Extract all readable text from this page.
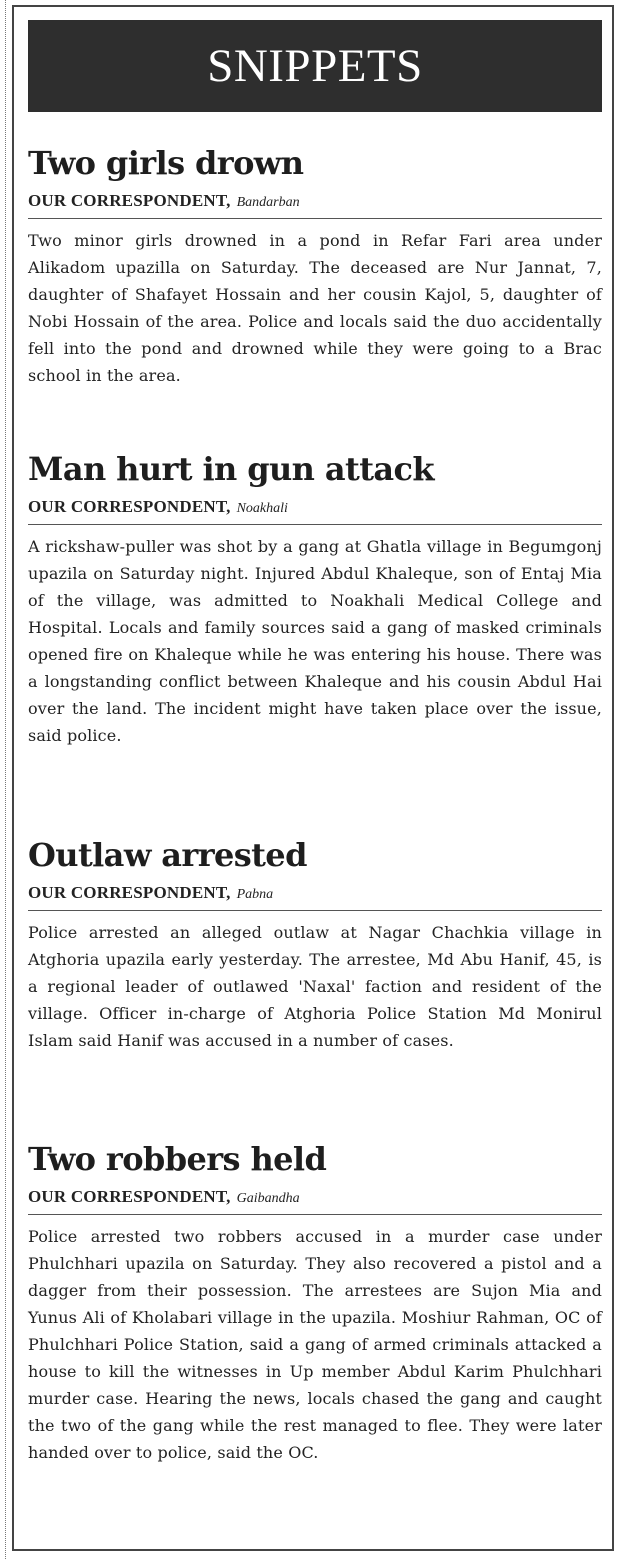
SNIPPETS
Two girls drown
OUR CORRESPONDENT, Bandarban
Two minor girls drowned in a pond in Refar Fari area under Alikadom upazilla on Saturday. The deceased are Nur Jannat, 7, daughter of Shafayet Hossain and her cousin Kajol, 5, daughter of Nobi Hossain of the area. Police and locals said the duo accidentally fell into the pond and drowned while they were going to a Brac school in the area.
Man hurt in gun attack
OUR CORRESPONDENT, Noakhali
A rickshaw-puller was shot by a gang at Ghatla village in Begumgonj upazila on Saturday night. Injured Abdul Khaleque, son of Entaj Mia of the village, was admitted to Noakhali Medical College and Hospital. Locals and family sources said a gang of masked criminals opened fire on Khaleque while he was entering his house. There was a longstanding conflict between Khaleque and his cousin Abdul Hai over the land. The incident might have taken place over the issue, said police.
Outlaw arrested
OUR CORRESPONDENT, Pabna
Police arrested an alleged outlaw at Nagar Chachkia village in Atghoria upazila early yesterday. The arrestee, Md Abu Hanif, 45, is a regional leader of outlawed 'Naxal' faction and resident of the village. Officer in-charge of Atghoria Police Station Md Monirul Islam said Hanif was accused in a number of cases.
Two robbers held
OUR CORRESPONDENT, Gaibandha
Police arrested two robbers accused in a murder case under Phulchhari upazila on Saturday. They also recovered a pistol and a dagger from their possession. The arrestees are Sujon Mia and Yunus Ali of Kholabari village in the upazila. Moshiur Rahman, OC of Phulchhari Police Station, said a gang of armed criminals attacked a house to kill the witnesses in Up member Abdul Karim Phulchhari murder case. Hearing the news, locals chased the gang and caught the two of the gang while the rest managed to flee. They were later handed over to police, said the OC.
